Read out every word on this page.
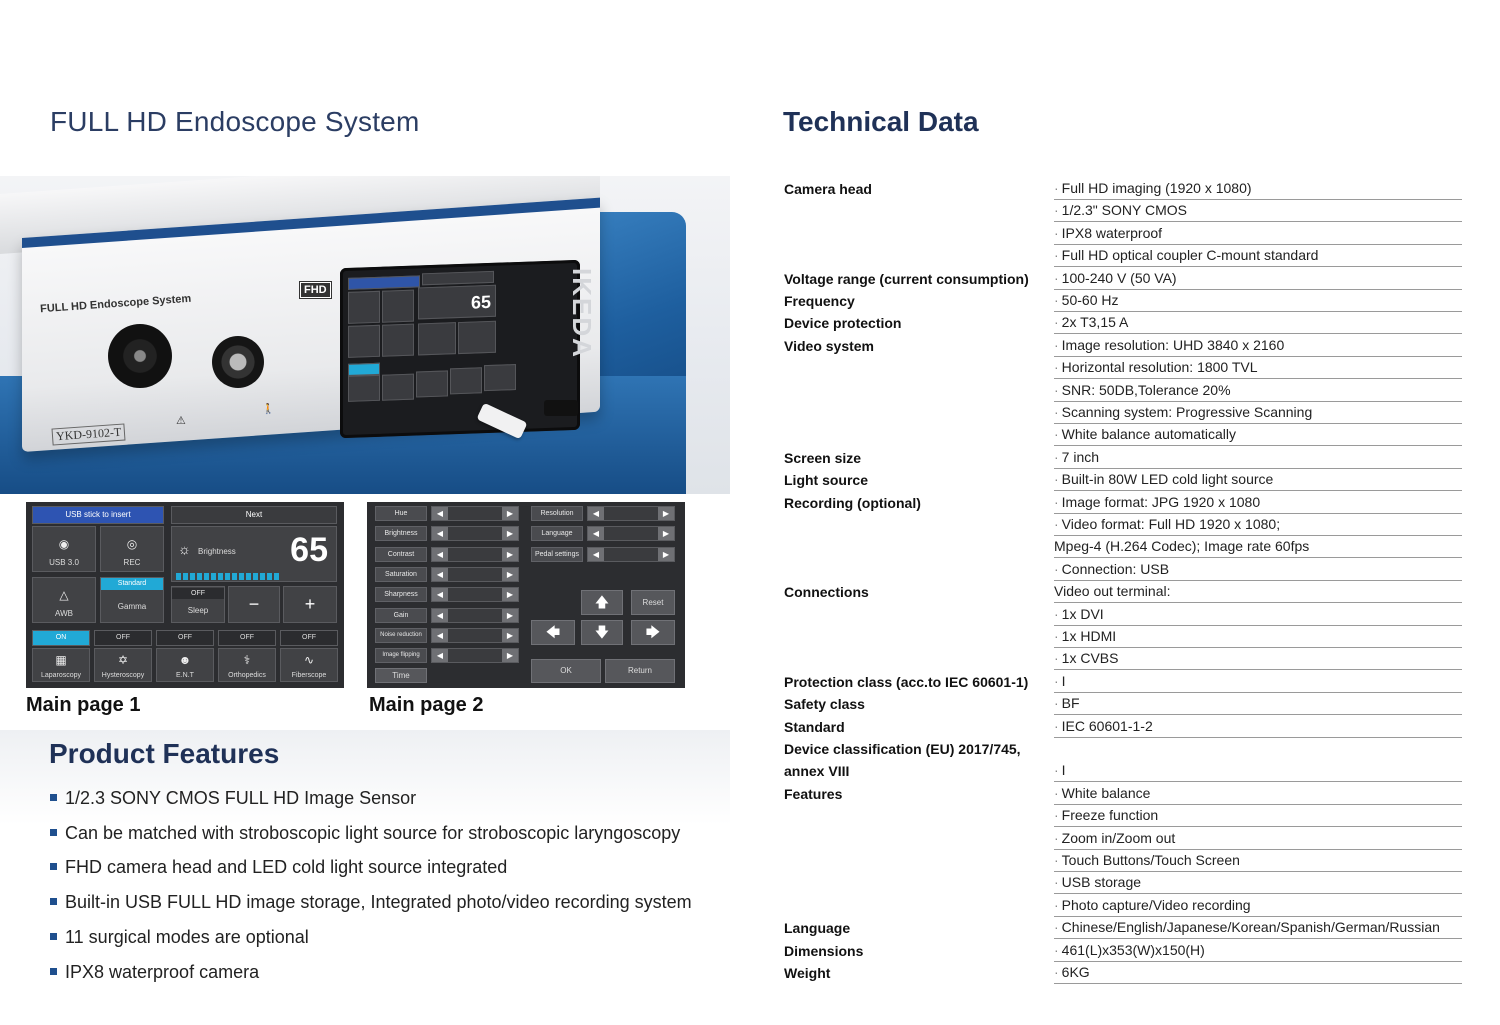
FULL HD Endoscope System	Technical Data
FULL HD Endoscope System
FHD
⚠
🚶
YKD-9102-T
65	IKEDA
USB stick to insert	Next
◉
USB 3.0
◎
REC
☼ Brightness 65
△
AWB
Standard
Gamma
OFF
Sleep	−	+
ON	OFF	OFF	OFF	OFF
▦
Laparoscopy
✡
Hysteroscopy
☻
E.N.T
⚕
Orthopedics
∿
Fiberscope
Main page 1
Hue	◀	▶
Brightness	◀	▶
Contrast	◀	▶
Saturation	◀	▶
Sharpness	◀	▶
Gain	◀	▶
Noise reduction	◀	▶
Image flipping	◀	▶
Time
Resolution	◀	▶
Language	◀	▶
Pedal settings	◀	▶
🡅	Reset
🡄	🡇	🡆
OK	Return
Main page 2
Product Features
1/2.3 SONY CMOS FULL HD Image Sensor
Can be matched with stroboscopic light source for stroboscopic laryngoscopy
FHD camera head and LED cold light source integrated
Built-in USB FULL HD image storage, Integrated photo/video recording system
11 surgical modes are optional
IPX8 waterproof camera
Camera head	· Full HD imaging (1920 x 1080)
· 1/2.3" SONY CMOS
· IPX8 waterproof
· Full HD optical coupler C-mount standard
Voltage range (current consumption) · 100-240 V (50 VA)
Frequency	· 50-60 Hz
Device protection	· 2x T3,15 A
Video system	· Image resolution: UHD 3840 x 2160
· Horizontal resolution: 1800 TVL
· SNR: 50DB,Tolerance 20%
· Scanning system: Progressive Scanning
· White balance automatically
Screen size	· 7 inch
Light source	· Built-in 80W LED cold light source
Recording (optional)	· Image format: JPG 1920 x 1080
· Video format: Full HD 1920 x 1080;
Mpeg-4 (H.264 Codec); Image rate 60fps
· Connection: USB
Connections	Video out terminal:
· 1x DVI
· 1x HDMI
· 1x CVBS
Protection class (acc.to IEC 60601-1) · I
Safety class	· BF
Standard	· IEC 60601-1-2
Device classification (EU) 2017/745,
annex VIII	· I
Features	· White balance
· Freeze function
· Zoom in/Zoom out
· Touch Buttons/Touch Screen
· USB storage
· Photo capture/Video recording
Language	· Chinese/English/Japanese/Korean/Spanish/German/Russian
Dimensions	· 461(L)x353(W)x150(H)
Weight	· 6KG
